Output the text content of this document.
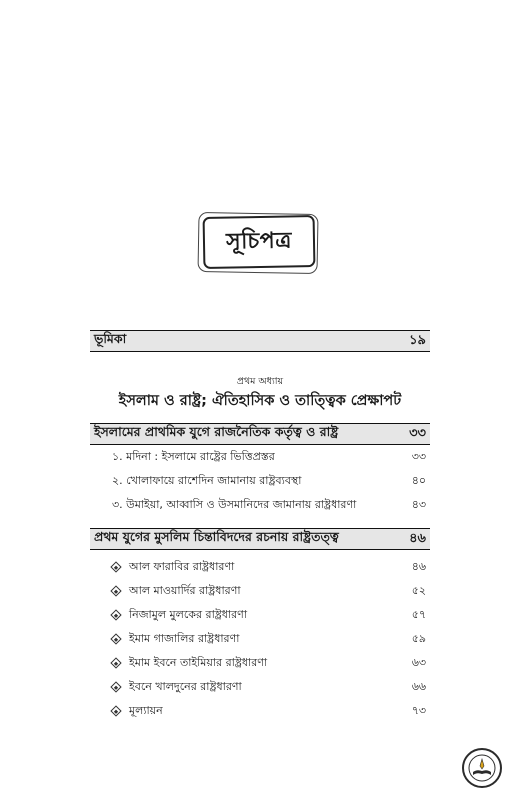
সূচিপত্র
ভূমিকা	১৯
প্রথম অধ্যায়
ইসলাম ও রাষ্ট্র; ঐতিহাসিক ও তাত্ত্বিক প্রেক্ষাপট
ইসলামের প্রাথমিক যুগে রাজনৈতিক কর্তৃত্ব ও রাষ্ট্র	৩৩
১. মদিনা : ইসলামে রাষ্ট্রের ভিত্তিপ্রস্তর	৩৩
২. খোলাফায়ে রাশেদিন জামানায় রাষ্ট্রব্যবস্থা	৪০
৩. উমাইয়া, আব্বাসি ও উসমানিদের জামানায় রাষ্ট্রধারণা	৪৩
প্রথম যুগের মুসলিম চিন্তাবিদদের রচনায় রাষ্ট্রতত্ত্ব	৪৬
আল ফারাবির রাষ্ট্রধারণা	৪৬
আল মাওয়ার্দির রাষ্ট্রধারণা	৫২
নিজামুল মুলকের রাষ্ট্রধারণা	৫৭
ইমাম গাজালির রাষ্ট্রধারণা	৫৯
ইমাম ইবনে তাইমিয়ার রাষ্ট্রধারণা	৬৩
ইবনে খালদুনের রাষ্ট্রধারণা	৬৬
মূল্যায়ন	৭৩
